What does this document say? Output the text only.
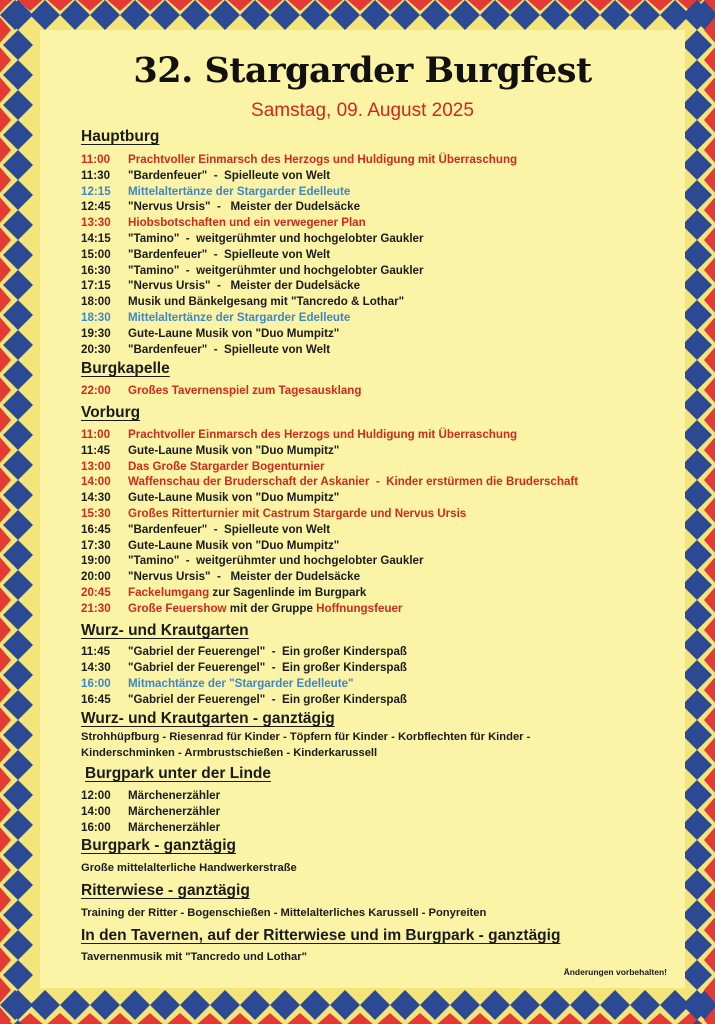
32. Stargarder Burgfest
Samstag, 09. August 2025
Hauptburg
11:00 Prachtvoller Einmarsch des Herzogs und Huldigung mit Überraschung
11:30 "Bardenfeuer"  -  Spielleute von Welt
12:15 Mittelaltertänze der Stargarder Edelleute
12:45 "Nervus Ursis"  -   Meister der Dudelsäcke
13:30 Hiobsbotschaften und ein verwegener Plan
14:15 "Tamino"  -  weitgerühmter und hochgelobter Gaukler
15:00 "Bardenfeuer"  -  Spielleute von Welt
16:30 "Tamino"  -  weitgerühmter und hochgelobter Gaukler
17:15 "Nervus Ursis"  -   Meister der Dudelsäcke
18:00 Musik und Bänkelgesang mit "Tancredo & Lothar"
18:30 Mittelaltertänze der Stargarder Edelleute
19:30 Gute-Laune Musik von "Duo Mumpitz"
20:30 "Bardenfeuer"  -  Spielleute von Welt
Burgkapelle
22:00 Großes Tavernenspiel zum Tagesausklang
Vorburg
11:00 Prachtvoller Einmarsch des Herzogs und Huldigung mit Überraschung
11:45 Gute-Laune Musik von "Duo Mumpitz"
13:00 Das Große Stargarder Bogenturnier
14:00 Waffenschau der Bruderschaft der Askanier  -  Kinder erstürmen die Bruderschaft
14:30 Gute-Laune Musik von "Duo Mumpitz"
15:30 Großes Ritterturnier mit Castrum Stargarde und Nervus Ursis
16:45 "Bardenfeuer"  -  Spielleute von Welt
17:30 Gute-Laune Musik von "Duo Mumpitz"
19:00 "Tamino"  -  weitgerühmter und hochgelobter Gaukler
20:00 "Nervus Ursis"  -   Meister der Dudelsäcke
20:45 Fackelumgang zur Sagenlinde im Burgpark
21:30 Große Feuershow mit der Gruppe Hoffnungsfeuer
Wurz- und Krautgarten
11:45 "Gabriel der Feuerengel"  -  Ein großer Kinderspaß
14:30 "Gabriel der Feuerengel"  -  Ein großer Kinderspaß
16:00 Mitmachtänze der "Stargarder Edelleute"
16:45 "Gabriel der Feuerengel"  -  Ein großer Kinderspaß
Wurz- und Krautgarten - ganztägig
Strohhüpfburg - Riesenrad für Kinder - Töpfern für Kinder - Korbflechten für Kinder -
Kinderschminken - Armbrustschießen - Kinderkarussell
Burgpark unter der Linde
12:00 Märchenerzähler
14:00 Märchenerzähler
16:00 Märchenerzähler
Burgpark - ganztägig
Große mittelalterliche Handwerkerstraße
Ritterwiese - ganztägig
Training der Ritter - Bogenschießen - Mittelalterliches Karussell - Ponyreiten
In den Tavernen, auf der Ritterwiese und im Burgpark - ganztägig
Tavernenmusik mit "Tancredo und Lothar"
Änderungen vorbehalten!
